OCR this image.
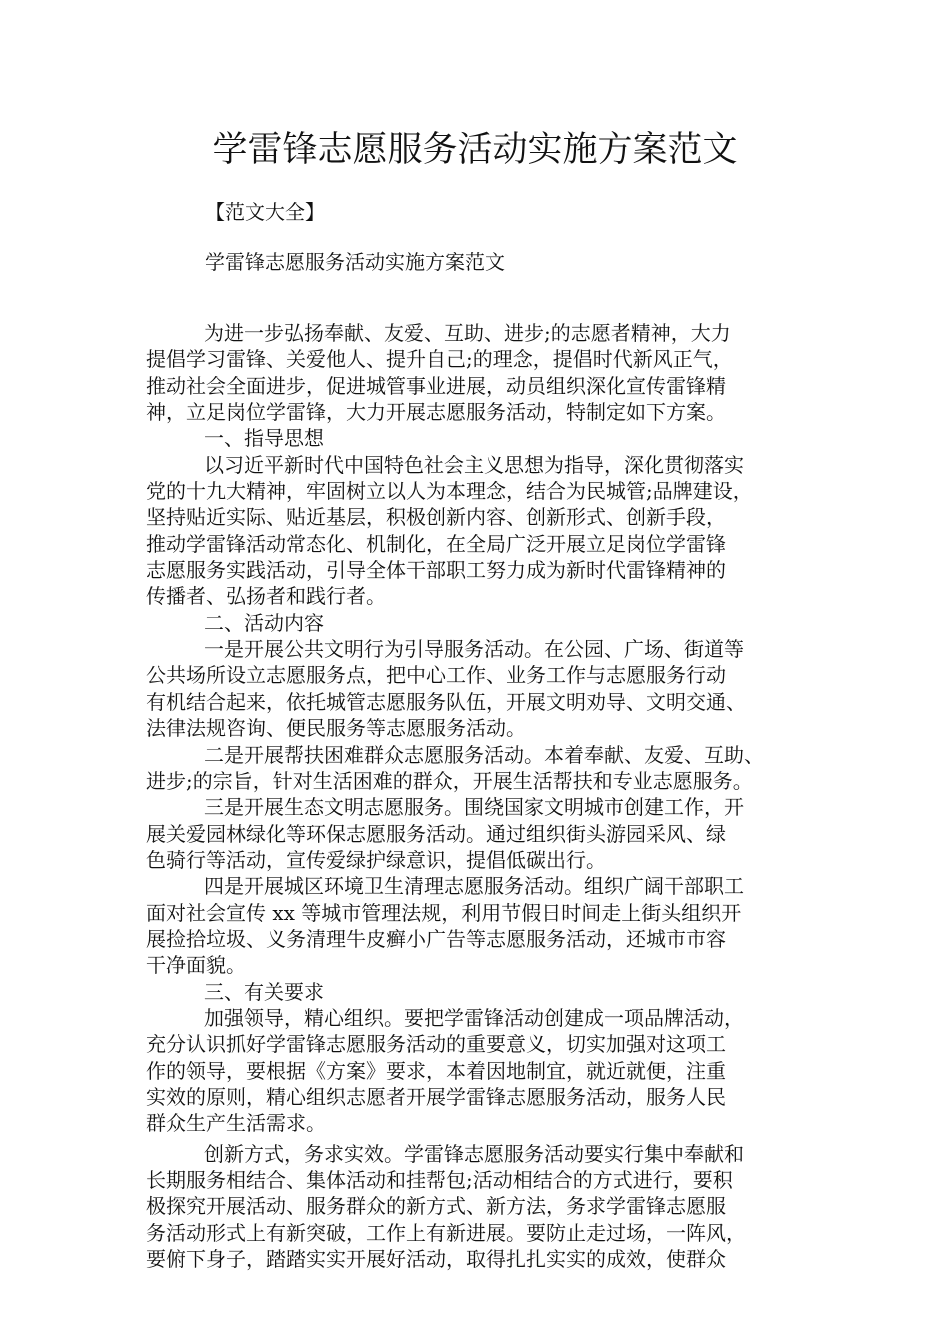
学雷锋志愿服务活动实施方案范文
【范文大全】
学雷锋志愿服务活动实施方案范文
为进一步弘扬奉献、友爱、互助、进步;的志愿者精神，大力
提倡学习雷锋、关爱他人、提升自己;的理念，提倡时代新风正气，
推动社会全面进步，促进城管事业进展，动员组织深化宣传雷锋精
神，立足岗位学雷锋，大力开展志愿服务活动，特制定如下方案。
一、指导思想
以习近平新时代中国特色社会主义思想为指导，深化贯彻落实
党的十九大精神，牢固树立以人为本理念，结合为民城管;品牌建设，
坚持贴近实际、贴近基层，积极创新内容、创新形式、创新手段，
推动学雷锋活动常态化、机制化，在全局广泛开展立足岗位学雷锋
志愿服务实践活动，引导全体干部职工努力成为新时代雷锋精神的
传播者、弘扬者和践行者。
二、活动内容
一是开展公共文明行为引导服务活动。在公园、广场、街道等
公共场所设立志愿服务点，把中心工作、业务工作与志愿服务行动
有机结合起来，依托城管志愿服务队伍，开展文明劝导、文明交通、
法律法规咨询、便民服务等志愿服务活动。
二是开展帮扶困难群众志愿服务活动。本着奉献、友爱、互助、
进步;的宗旨，针对生活困难的群众，开展生活帮扶和专业志愿服务。
三是开展生态文明志愿服务。围绕国家文明城市创建工作，开
展关爱园林绿化等环保志愿服务活动。通过组织街头游园采风、绿
色骑行等活动，宣传爱绿护绿意识，提倡低碳出行。
四是开展城区环境卫生清理志愿服务活动。组织广阔干部职工
面对社会宣传 xx 等城市管理法规，利用节假日时间走上街头组织开
展捡拾垃圾、义务清理牛皮癣小广告等志愿服务活动，还城市市容
干净面貌。
三、有关要求
加强领导，精心组织。要把学雷锋活动创建成一项品牌活动，
充分认识抓好学雷锋志愿服务活动的重要意义，切实加强对这项工
作的领导，要根据《方案》要求，本着因地制宜，就近就便，注重
实效的原则，精心组织志愿者开展学雷锋志愿服务活动，服务人民
群众生产生活需求。
创新方式，务求实效。学雷锋志愿服务活动要实行集中奉献和
长期服务相结合、集体活动和挂帮包;活动相结合的方式进行，要积
极探究开展活动、服务群众的新方式、新方法，务求学雷锋志愿服
务活动形式上有新突破，工作上有新进展。要防止走过场，一阵风，
要俯下身子，踏踏实实开展好活动，取得扎扎实实的成效，使群众
